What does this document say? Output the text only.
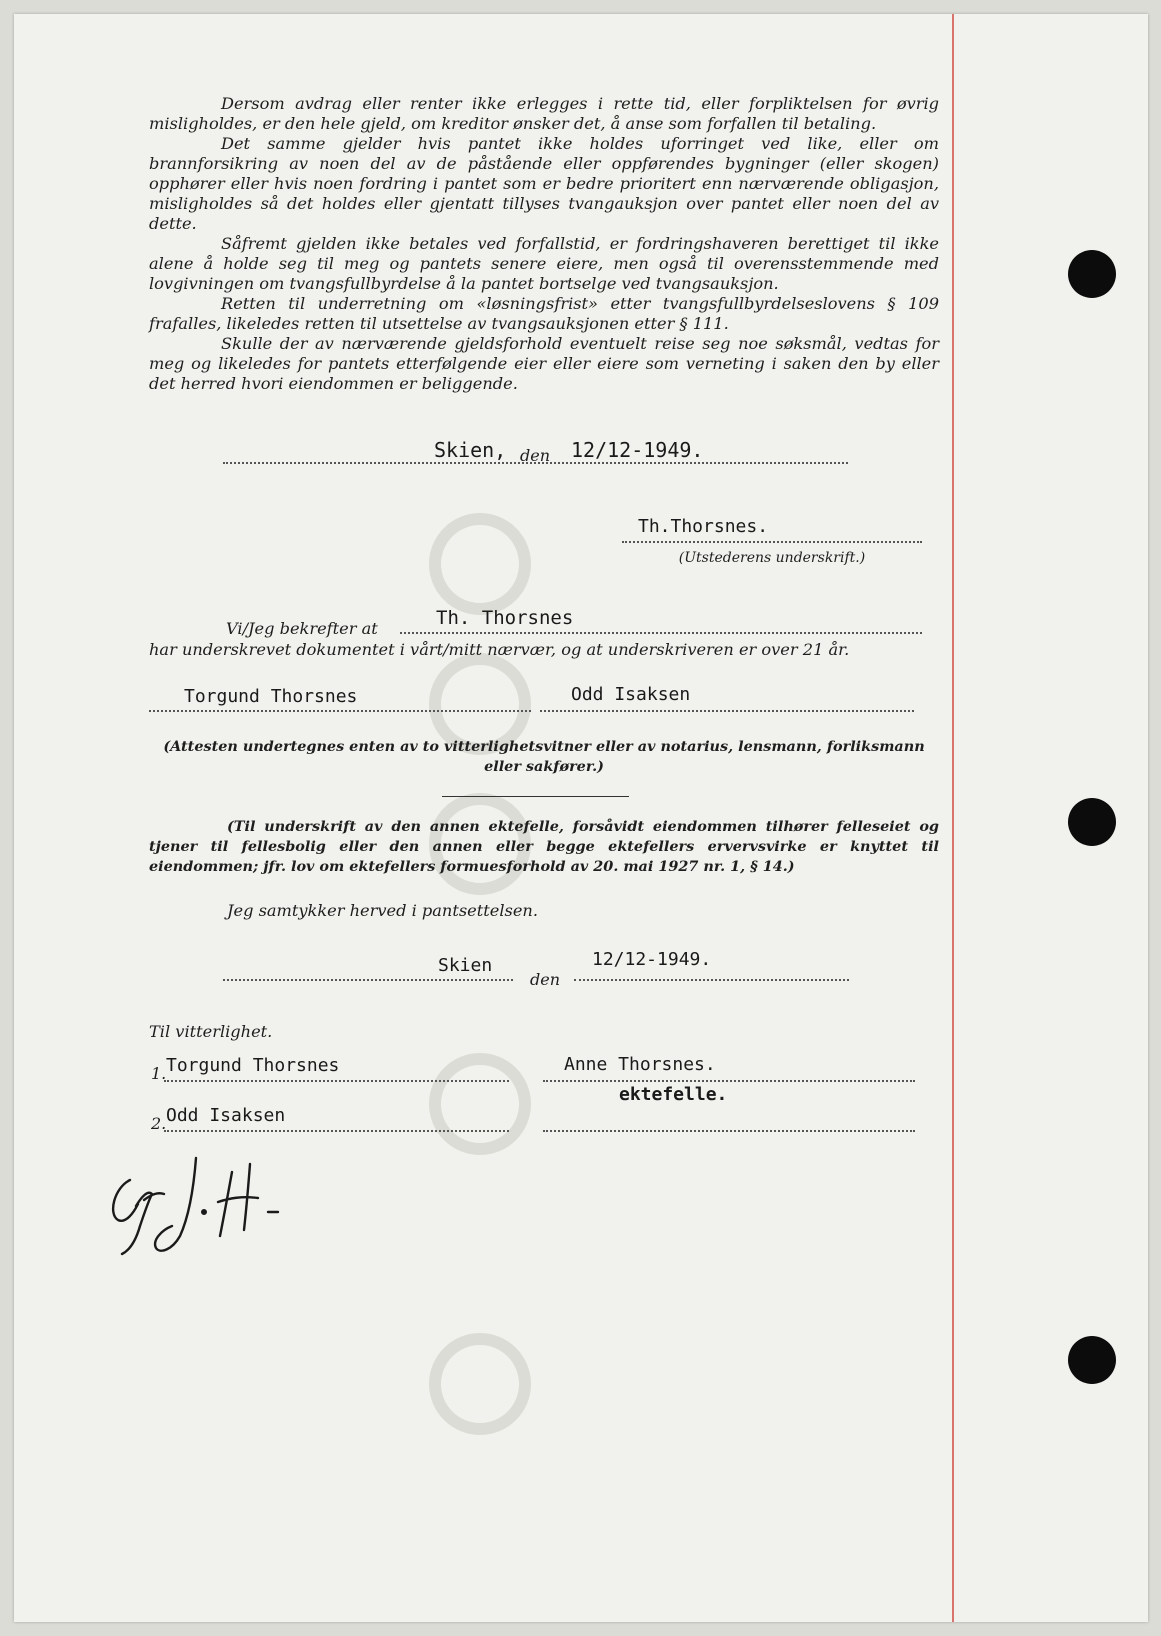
Dersom avdrag eller renter ikke erlegges i rette tid, eller forpliktelsen for øvrig misligholdes, er den hele gjeld, om kreditor ønsker det, å anse som forfallen til betaling.

Det samme gjelder hvis pantet ikke holdes uforringet ved like, eller om brannforsikring av noen del av de påstående eller oppførendes bygninger (eller skogen) opphører eller hvis noen fordring i pantet som er bedre prioritert enn nærværende obligasjon, misligholdes så det holdes eller gjentatt tillyses tvangauksjon over pantet eller noen del av dette.

Såfremt gjelden ikke betales ved forfallstid, er fordringshaveren berettiget til ikke alene å holde seg til meg og pantets senere eiere, men også til overensstemmende med lovgivningen om tvangsfullbyrdelse å la pantet bortselge ved tvangsauksjon.

Retten til underretning om «løsningsfrist» etter tvangsfullbyrdelseslovens § 109 frafalles, likeledes retten til utsettelse av tvangsauksjonen etter § 111.

Skulle der av nærværende gjeldsforhold eventuelt reise seg noe søksmål, vedtas for meg og likeledes for pantets etterfølgende eier eller eiere som verneting i saken den by eller det herred hvori eiendommen er beliggende.

Skien, den 12/12-1949.
Th.Thorsnes.
(Utstederens underskrift.)
Vi/Jeg bekrefter at	Th. Thorsnes
har underskrevet dokumentet i vårt/mitt nærvær, og at underskriveren er over 21 år.
Torgund Thorsnes	Odd Isaksen
(Attesten undertegnes enten av to vitterlighetsvitner eller av notarius, lensmann, forliksmann eller sakfører.)
(Til underskrift av den annen ektefelle, forsåvidt eiendommen tilhører felleseiet og tjener til fellesbolig eller den annen eller begge ektefellers ervervsvirke er knyttet til eiendommen; jfr. lov om ektefellers formuesforhold av 20. mai 1927 nr. 1, § 14.)
Jeg samtykker herved i pantsettelsen.
Skien
den
12/12-1949.
Til vitterlighet.
1. Torgund Thorsnes
2. Odd Isaksen
Anne Thorsnes.
ektefelle.
